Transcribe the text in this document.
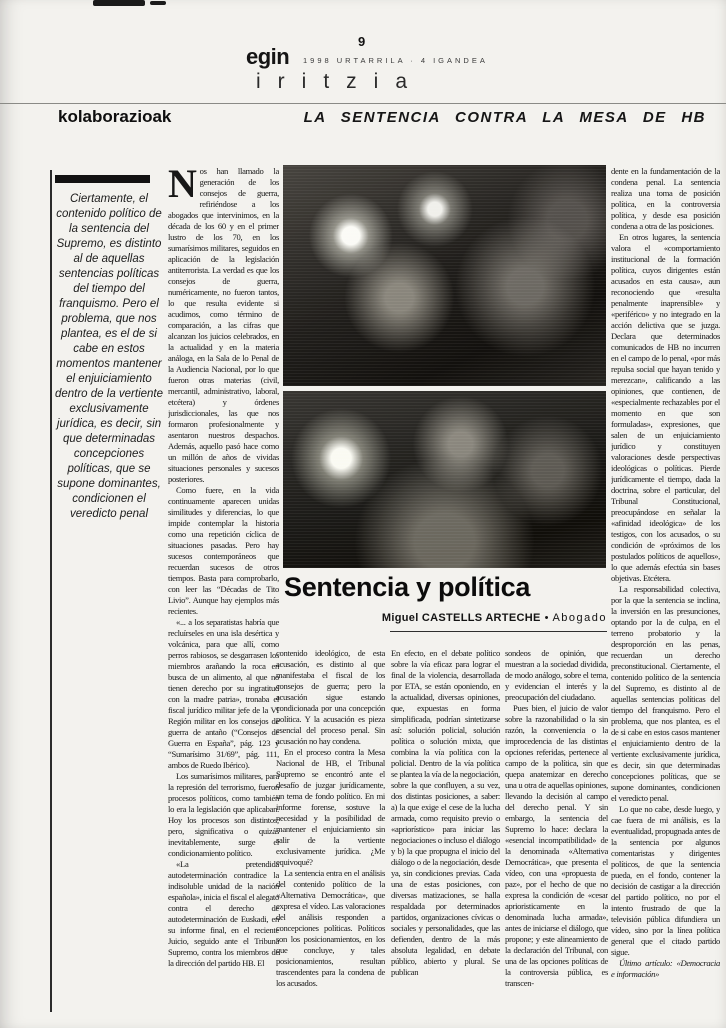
9
egin 1998 URTARRILA · 4 IGANDEA
iritzia
kolaborazioak	LA SENTENCIA CONTRA LA MESA DE HB
Ciertamente, el contenido político de la sentencia del Supremo, es distinto al de aquellas sentencias políticas del tiempo del franquismo. Pero el problema, que nos plantea, es el de si cabe en estos momentos mantener el enjuiciamiento dentro de la vertiente exclusivamente jurídica, es decir, sin que determinadas concepciones políticas, que se supone dominantes, condicionen el veredicto penal

Nos han llamado la generación de los consejos de guerra, refiriéndose a los abogados que intervinimos, en la década de los 60 y en el primer lustro de los 70, en los sumarísimos militares, seguidos en aplicación de la legislación antiterrorista. La verdad es que los consejos de guerra, numéricamente, no fueron tantos, lo que resulta evidente si acudimos, como término de comparación, a las cifras que alcanzan los juicios celebrados, en la actualidad y en la materia análoga, en la Sala de lo Penal de la Audiencia Nacional, por lo que fueron otras materias (civil, mercantil, administrativo, laboral, etcétera) y órdenes jurisdiccionales, las que nos formaron profesionalmente y asentaron nuestros despachos. Además, aquello pasó hace como un millón de años de vividas situaciones personales y sucesos posteriores.

Como fuere, en la vida continuamente aparecen unidas similitudes y diferencias, lo que impide contemplar la historia como una repetición cíclica de situaciones pasadas. Pero hay sucesos contemporáneos que recuerdan sucesos de otros tiempos. Basta para comprobarlo, con leer las “Décadas de Tito Livio”. Aunque hay ejemplos más recientes.

«... a los separatistas habría que recluírseles en una isla desértica y volcánica, para que allí, como perros rabiosos, se desgarrasen los miembros arañando la roca en busca de un alimento, al que no tienen derecho por su ingratitud con la madre patria», tronaba el fiscal jurídico militar jefe de la VI Región militar en los consejos de guerra de antaño (“Consejos de Guerra en España”, pág. 123 y “Sumarísimo 31/69”, pág. 111, ambos de Ruedo Ibérico).

Los sumarísimos militares, para la represión del terrorismo, fueron procesos políticos, como también lo era la legislación que aplicaban. Hoy los procesos son distintos; pero, significativa o quizás inevitablemente, surge el condicionamiento político.

«La pretendida autodeterminación contradice la indisoluble unidad de la nación española», inicia el fiscal el alegato contra el derecho de autodeterminación de Euskadi, en su informe final, en el reciente Juicio, seguido ante el Tribuna Supremo, contra los miembros de la dirección del partido HB. El

Sentencia y política
Miguel CASTELLS ARTECHE • Abogado

contenido ideológico, de esta acusación, es distinto al que manifestaba el fiscal de los consejos de guerra; pero la acusación sigue estando condicionada por una concepción política. Y la acusación es pieza esencial del proceso penal. Sin acusación no hay condena.

En el proceso contra la Mesa Nacional de HB, el Tribunal Supremo se encontró ante el desafío de juzgar jurídicamente, un tema de fondo político. En mi informe forense, sostuve la necesidad y la posibilidad de mantener el enjuiciamiento sin salir de la vertiente exclusivamente jurídica. ¿Me equivoqué?

La sentencia entra en el análisis del contenido político de la «Alternativa Democrática», que expresa el vídeo. Las valoraciones del análisis responden a concepciones políticas. Políticos son los posicionamientos, en los que concluye, y tales posicionamientos, resultan trascendentes para la condena de los acusados.

En efecto, en el debate político sobre la vía eficaz para lograr el final de la violencia, desarrollada por ETA, se están oponiendo, en la actualidad, diversas opiniones, que, expuestas en forma simplificada, podrían sintetizarse así: solución policial, solución política o solución mixta, que combina la vía política con la policial. Dentro de la vía política se plantea la vía de la negociación, sobre la que confluyen, a su vez, dos distintas posiciones, a saber: a) la que exige el cese de la lucha armada, como requisito previo o «apriorístico» para iniciar las negociaciones o incluso el diálogo y b) la que propugna el inicio del diálogo o de la negociación, desde ya, sin condiciones previas. Cada una de estas posiciones, con diversas matizaciones, se halla respaldada por determinados partidos, organizaciones cívicas o sociales y personalidades, que las defienden, dentro de la más absoluta legalidad, en debate público, abierto y plural. Se publican

sondeos de opinión, que muestran a la sociedad dividida, de modo análogo, sobre el tema, y evidencian el interés y la preocupación del ciudadano.

Pues bien, el juicio de valor sobre la razonabilidad o la sin razón, la conveniencia o la improcedencia de las distintas opciones referidas, pertenece al campo de la política, sin que quepa anatemizar en derecho una u otra de aquellas opiniones, llevando la decisión al campo del derecho penal. Y sin embargo, la sentencia del Supremo lo hace: declara la «esencial incompatibilidad» de la denominada «Alternativa Democrática», que presenta el vídeo, con una «propuesta de paz», por el hecho de que no expresa la condición de «cesar aprioristicamente en la denominada lucha armada», antes de iniciarse el diálogo, que propone; y este alineamiento de la declaración del Tribunal, con una de las opciones políticas de la controversia pública, es transcen-

dente en la fundamentación de la condena penal. La sentencia realiza una toma de posición política, en la controversia política, y desde esa posición condena a otra de las posiciones.

En otros lugares, la sentencia valora el «comportamiento institucional de la formación política, cuyos dirigentes están acusados en esta causa», aun reconociendo que «resulta penalmente inaprensible» y «periférico» y no integrado en la acción delictiva que se juzga. Declara que determinados comunicados de HB no incurren en el campo de lo penal, «por más repulsa social que hayan tenido y merezcan», calificando a las opiniones, que contienen, de «especialmente rechazables por el momento en que son formuladas», expresiones, que salen de un enjuiciamiento jurídico y constituyen valoraciones desde perspectivas ideológicas o políticas. Pierde jurídicamente el tiempo, dada la doctrina, sobre el particular, del Tribunal Constitucional, preocupándose en señalar la «afinidad ideológica» de los testigos, con los acusados, o su condición de «próximos de los postulados políticos de aquellos», lo que además efectúa sin bases objetivas. Etcétera.

La responsabilidad colectiva, por la que la sentencia se inclina, la inversión en las presunciones, optando por la de culpa, en el terreno probatorio y la desproporción en las penas, recuerdan un derecho preconstitucional. Ciertamente, el contenido político de la sentencia del Supremo, es distinto al de aquellas sentencias políticas del tiempo del franquismo. Pero el problema, que nos plantea, es el de si cabe en estos casos mantener el enjuiciamiento dentro de la vertiente exclusivamente jurídica, es decir, sin que determinadas concepciones políticas, que se supone dominantes, condicionen el veredicto penal.

Lo que no cabe, desde luego, y cae fuera de mi análisis, es la eventualidad, propugnada antes de la sentencia por algunos comentaristas y dirigentes políticos, de que la sentencia pueda, en el fondo, contener la decisión de castigar a la dirección del partido político, no por el intento frustrado de que la televisión pública difundiera un vídeo, sino por la línea política general que el citado partido sigue.

Último artículo: «Democracia e información»
